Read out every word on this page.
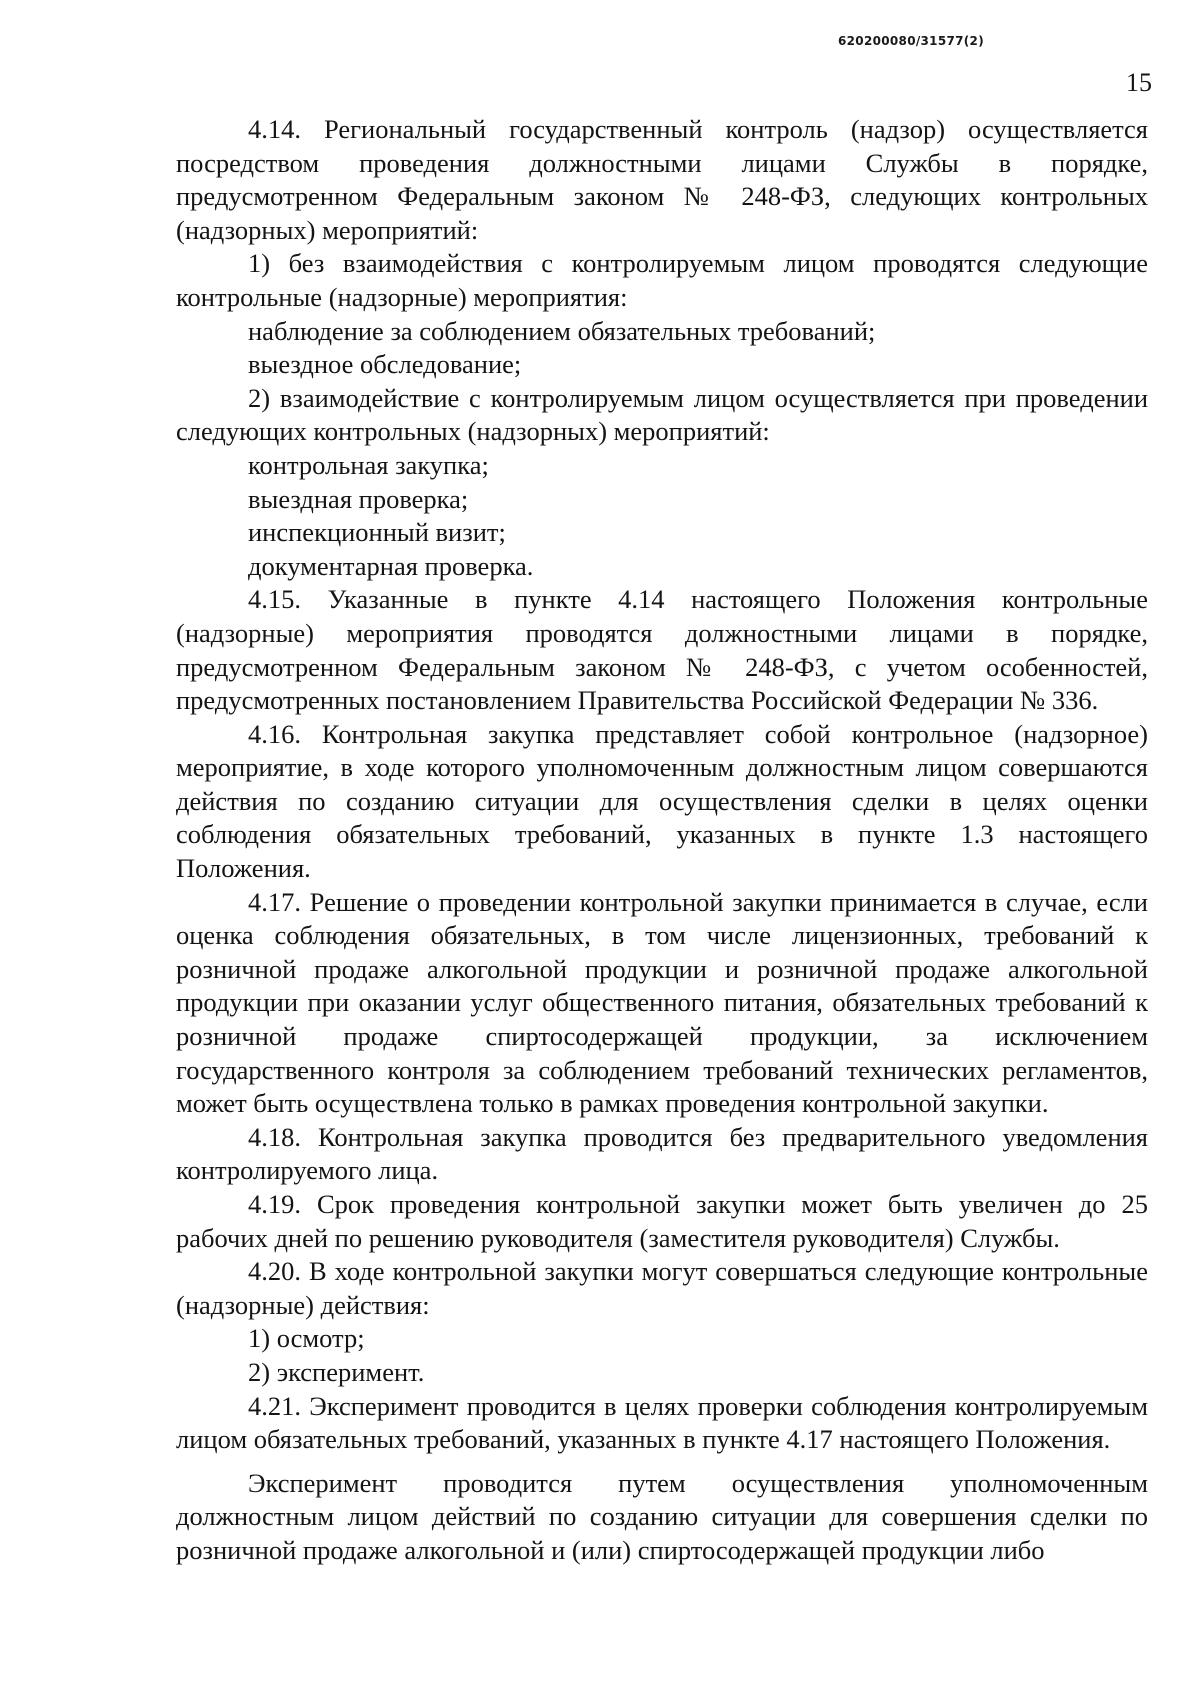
620200080/31577(2)
15

4.14. Региональный государственный контроль (надзор) осуществляется посредством проведения должностными лицами Службы в порядке, предусмотренном Федеральным законом № 248-ФЗ, следующих контрольных (надзорных) мероприятий:

1) без взаимодействия с контролируемым лицом проводятся следующие контрольные (надзорные) мероприятия:

наблюдение за соблюдением обязательных требований;

выездное обследование;

2) взаимодействие с контролируемым лицом осуществляется при проведении следующих контрольных (надзорных) мероприятий:

контрольная закупка;

выездная проверка;

инспекционный визит;

документарная проверка.

4.15. Указанные в пункте 4.14 настоящего Положения контрольные (надзорные) мероприятия проводятся должностными лицами в порядке, предусмотренном Федеральным законом № 248-ФЗ, с учетом особенностей, предусмотренных постановлением Правительства Российской Федерации № 336.

4.16. Контрольная закупка представляет собой контрольное (надзорное) мероприятие, в ходе которого уполномоченным должностным лицом совершаются действия по созданию ситуации для осуществления сделки в целях оценки соблюдения обязательных требований, указанных в пункте 1.3 настоящего Положения.

4.17. Решение о проведении контрольной закупки принимается в случае, если оценка соблюдения обязательных, в том числе лицензионных, требований к розничной продаже алкогольной продукции и розничной продаже алкогольной продукции при оказании услуг общественного питания, обязательных требований к розничной продаже спиртосодержащей продукции, за исключением государственного контроля за соблюдением требований технических регламентов, может быть осуществлена только в рамках проведения контрольной закупки.

4.18. Контрольная закупка проводится без предварительного уведомления контролируемого лица.

4.19. Срок проведения контрольной закупки может быть увеличен до 25 рабочих дней по решению руководителя (заместителя руководителя) Службы.

4.20. В ходе контрольной закупки могут совершаться следующие контрольные (надзорные) действия:

1) осмотр;

2) эксперимент.

4.21. Эксперимент проводится в целях проверки соблюдения контролируемым лицом обязательных требований, указанных в пункте 4.17 настоящего Положения.

Эксперимент проводится путем осуществления уполномоченным должностным лицом действий по созданию ситуации для совершения сделки по розничной продаже алкогольной и (или) спиртосодержащей продукции либо
